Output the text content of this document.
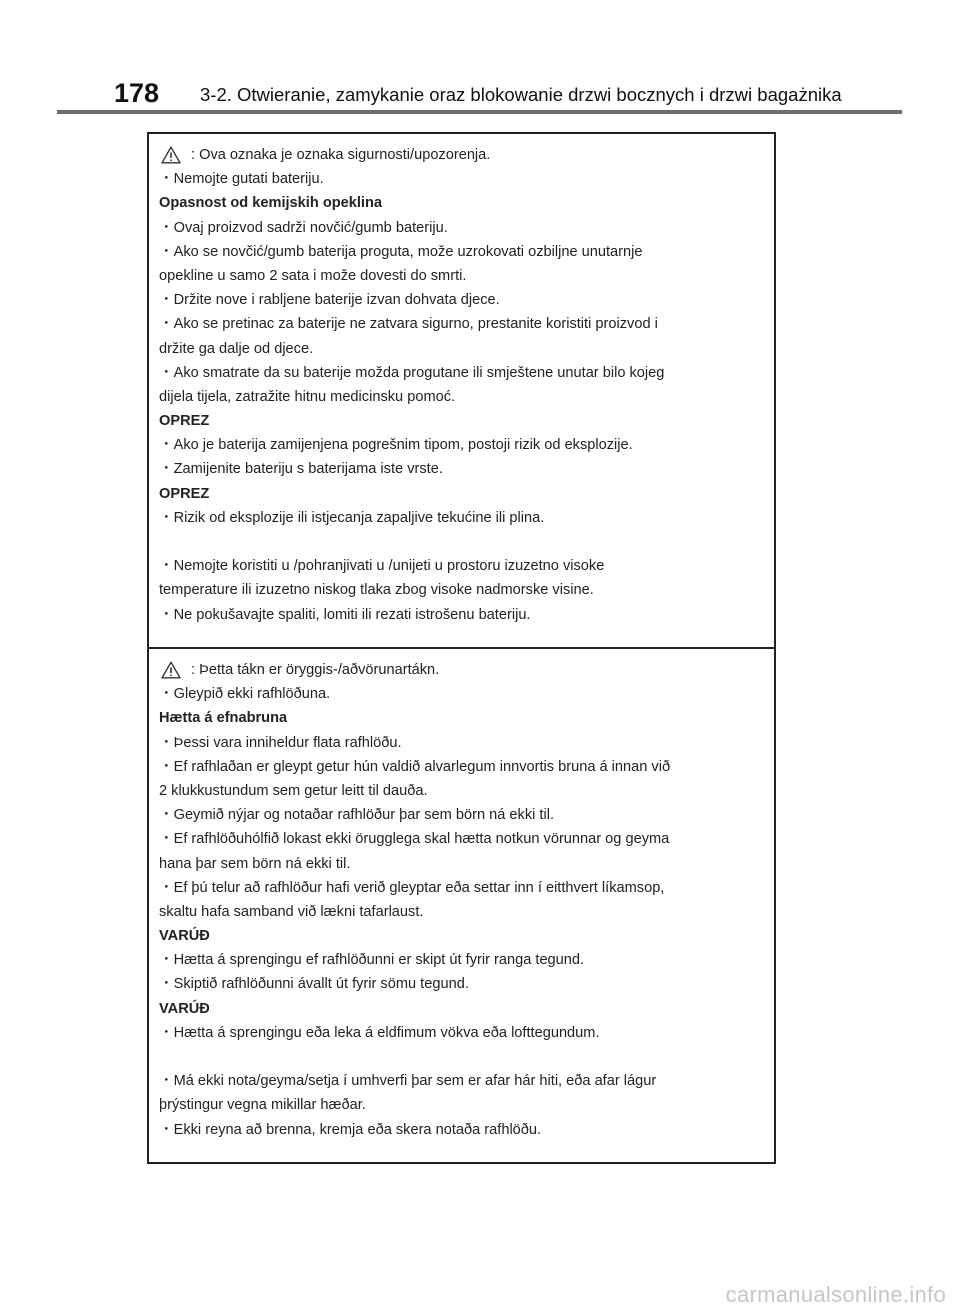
178 3-2. Otwieranie, zamykanie oraz blokowanie drzwi bocznych i drzwi bagażnika
: Ova oznaka je oznaka sigurnosti/upozorenja.
・Nemojte gutati bateriju.
Opasnost od kemijskih opeklina
・Ovaj proizvod sadrži novčić/gumb bateriju.
・Ako se novčić/gumb baterija proguta, može uzrokovati ozbiljne unutarnje
opekline u samo 2 sata i može dovesti do smrti.
・Držite nove i rabljene baterije izvan dohvata djece.
・Ako se pretinac za baterije ne zatvara sigurno, prestanite koristiti proizvod i
držite ga dalje od djece.
・Ako smatrate da su baterije možda progutane ili smještene unutar bilo kojeg
dijela tijela, zatražite hitnu medicinsku pomoć.
OPREZ
・Ako je baterija zamijenjena pogrešnim tipom, postoji rizik od eksplozije.
・Zamijenite bateriju s baterijama iste vrste.
OPREZ
・Rizik od eksplozije ili istjecanja zapaljive tekućine ili plina.
・Nemojte koristiti u /pohranjivati u /unijeti u prostoru izuzetno visoke
temperature ili izuzetno niskog tlaka zbog visoke nadmorske visine.
・Ne pokušavajte spaliti, lomiti ili rezati istrošenu bateriju.
: Þetta tákn er öryggis-/aðvörunartákn.
・Gleypið ekki rafhlöðuna.
Hætta á efnabruna
・Þessi vara inniheldur flata rafhlöðu.
・Ef rafhlaðan er gleypt getur hún valdið alvarlegum innvortis bruna á innan við
2 klukkustundum sem getur leitt til dauða.
・Geymið nýjar og notaðar rafhlöður þar sem börn ná ekki til.
・Ef rafhlöðuhólfið lokast ekki örugglega skal hætta notkun vörunnar og geyma
hana þar sem börn ná ekki til.
・Ef þú telur að rafhlöður hafi verið gleyptar eða settar inn í eitthvert líkamsop,
skaltu hafa samband við lækni tafarlaust.
VARÚÐ
・Hætta á sprengingu ef rafhlöðunni er skipt út fyrir ranga tegund.
・Skiptið rafhlöðunni ávallt út fyrir sömu tegund.
VARÚÐ
・Hætta á sprengingu eða leka á eldfimum vökva eða lofttegundum.
・Má ekki nota/geyma/setja í umhverfi þar sem er afar hár hiti, eða afar lágur
þrýstingur vegna mikillar hæðar.
・Ekki reyna að brenna, kremja eða skera notaða rafhlöðu.
carmanualsonline.info
